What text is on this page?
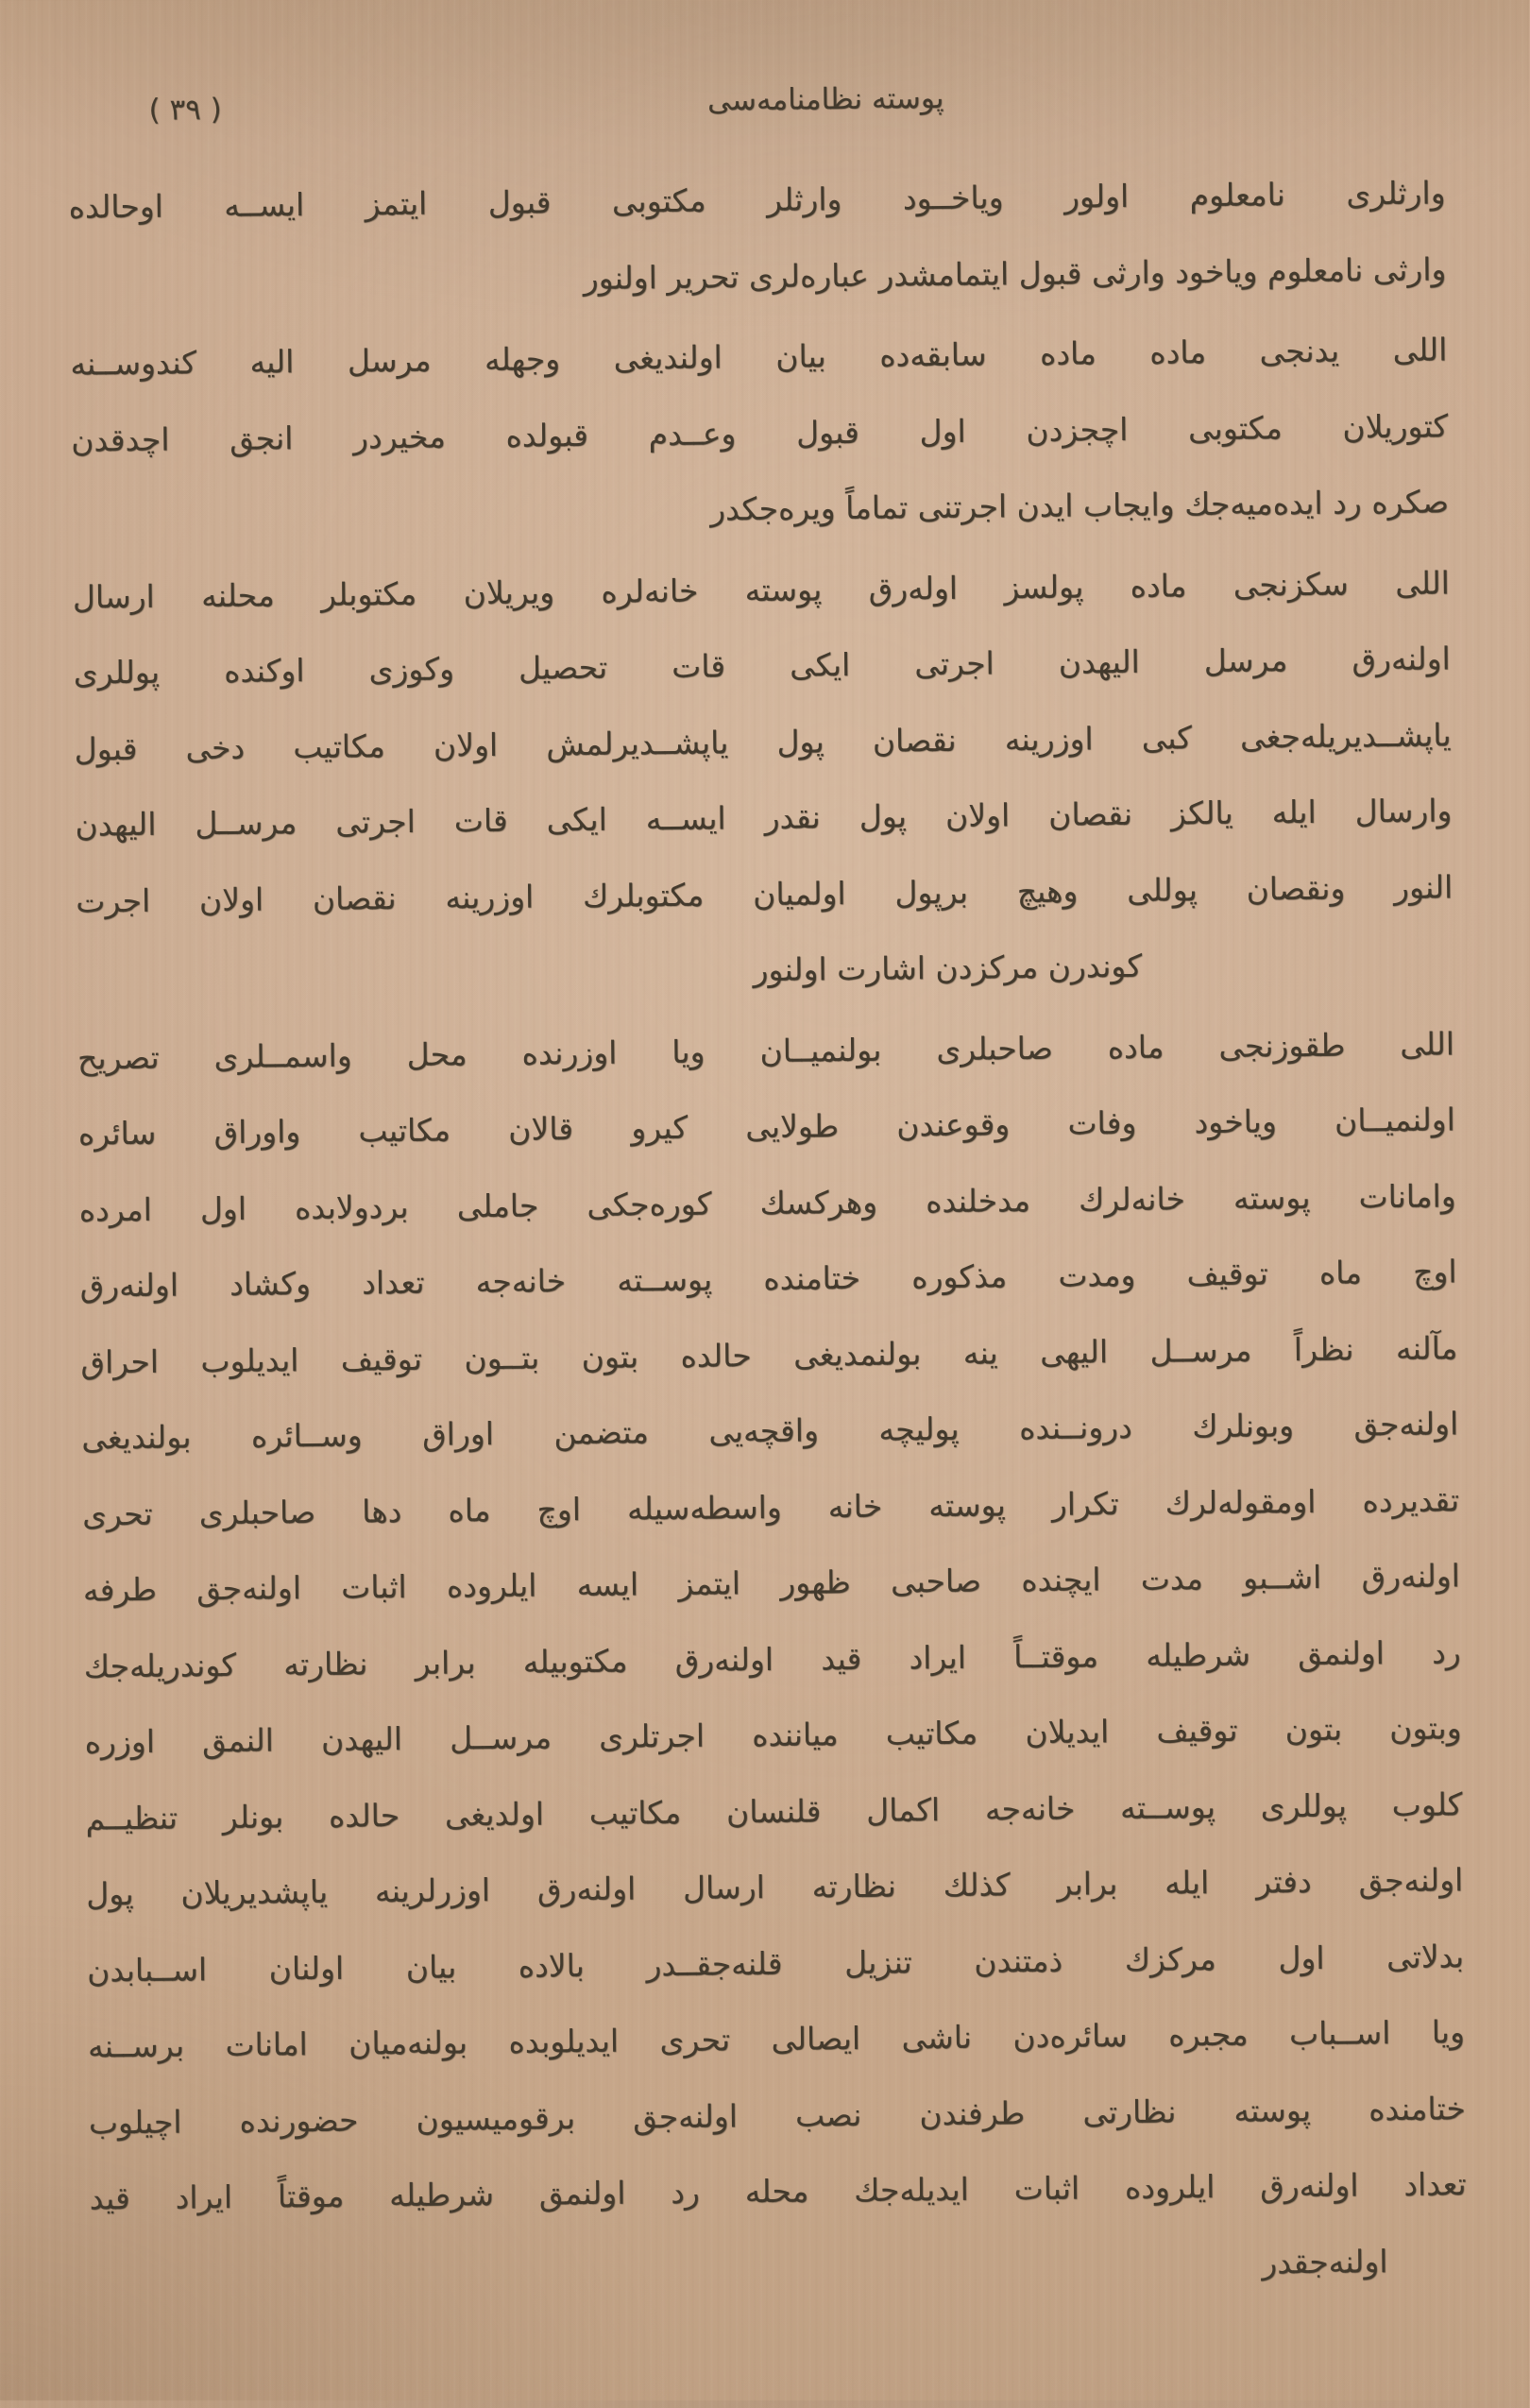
( ٣٩ )	پوسته نظامنامه‌سی
وارثلری نامعلوم اولور ویاخــود وارثلر مکتوبی قبول ایتمز ایســه اوحالده
وارثی نامعلوم ویاخود وارثی قبول ایتمامشدر عباره‌لری تحریر اولنور
اللی یدنجی ماده ماده سابقه‌ده بیان اولندیغی وجهله مرسل الیه کندوســنه
کتوریلان مکتوبی اچجزدن اول قبول وعــدم قبولده مخیردر انجق اچدقدن
صکره رد ایده‌میه‌جك وایجاب ایدن اجرتنی تماماً ویره‌جکدر
اللی سکزنجی ماده پولسز اوله‌رق پوسته خانه‌لره ویریلان مکتوبلر محلنه ارسال
اولنه‌رق مرسل الیهدن اجرتی ایکی قات تحصیل وکوزی اوکنده پوللری
یاپشــدیریله‌جغی کبی اوزرینه نقصان پول یاپشــدیرلمش اولان مکاتیب دخی قبول
وارسال ایله یالکز نقصان اولان پول نقدر ایســه ایکی قات اجرتی مرســل الیهدن
النور ونقصان پوللی وهیچ برپول اولمیان مکتوبلرك اوزرینه نقصان اولان اجرت
کوندرن مرکزدن اشارت اولنور
اللی طقوزنجی ماده صاحبلری بولنمیــان ویا اوزرنده محل واسمــلری تصریح
اولنمیــان ویاخود وفات وقوعندن طولایی کیرو قالان مکاتیب واوراق سائره
وامانات پوسته خانه‌لرك مدخلنده وهرکسك کوره‌جکی جاملی بردولابده اول امرده
اوچ ماه توقیف ومدت مذکوره ختامنده پوســته خانه‌جه تعداد وکشاد اولنه‌رق
مآلنه نظراً مرســل الیهی ینه بولنمدیغی حالده بتون بتــون توقیف ایدیلوب احراق
اولنه‌جق وبونلرك درونــنده پولیچه واقچه‌یی متضمن اوراق وســائره بولندیغی
تقدیرده اومقوله‌لرك تکرار پوسته خانه واسطه‌سیله اوچ ماه دها صاحبلری تحری
اولنه‌رق اشــبو مدت ایچنده صاحبی ظهور ایتمز ایسه ایلروده اثبات اولنه‌جق طرفه
رد اولنمق شرطیله موقتــاً ایراد قید اولنه‌رق مکتوبیله برابر نظارته کوندریله‌جك
وبتون بتون توقیف ایدیلان مکاتیب میاننده اجرتلری مرســل الیهدن النمق اوزره
کلوب پوللری پوســته خانه‌جه اکمال قلنسان مکاتیب اولدیغی حالده بونلر تنظیــم
اولنه‌جق دفتر ایله برابر کذلك نظارته ارسال اولنه‌رق اوزرلرینه یاپشدیریلان پول
بدلاتی اول مرکزك ذمتندن تنزیل قلنه‌جقــدر بالاده بیان اولنان اســبابدن
ویا اســباب مجبره سائره‌دن ناشی ایصالی تحری ایدیلوبده بولنه‌میان امانات برســنه
ختامنده پوسته نظارتی طرفندن نصب اولنه‌جق برقومیسیون حضورنده اچیلوب
تعداد اولنه‌رق ایلروده اثبات ایدیله‌جك محله رد اولنمق شرطیله موقتاً ایراد قید
اولنه‌جقدر
